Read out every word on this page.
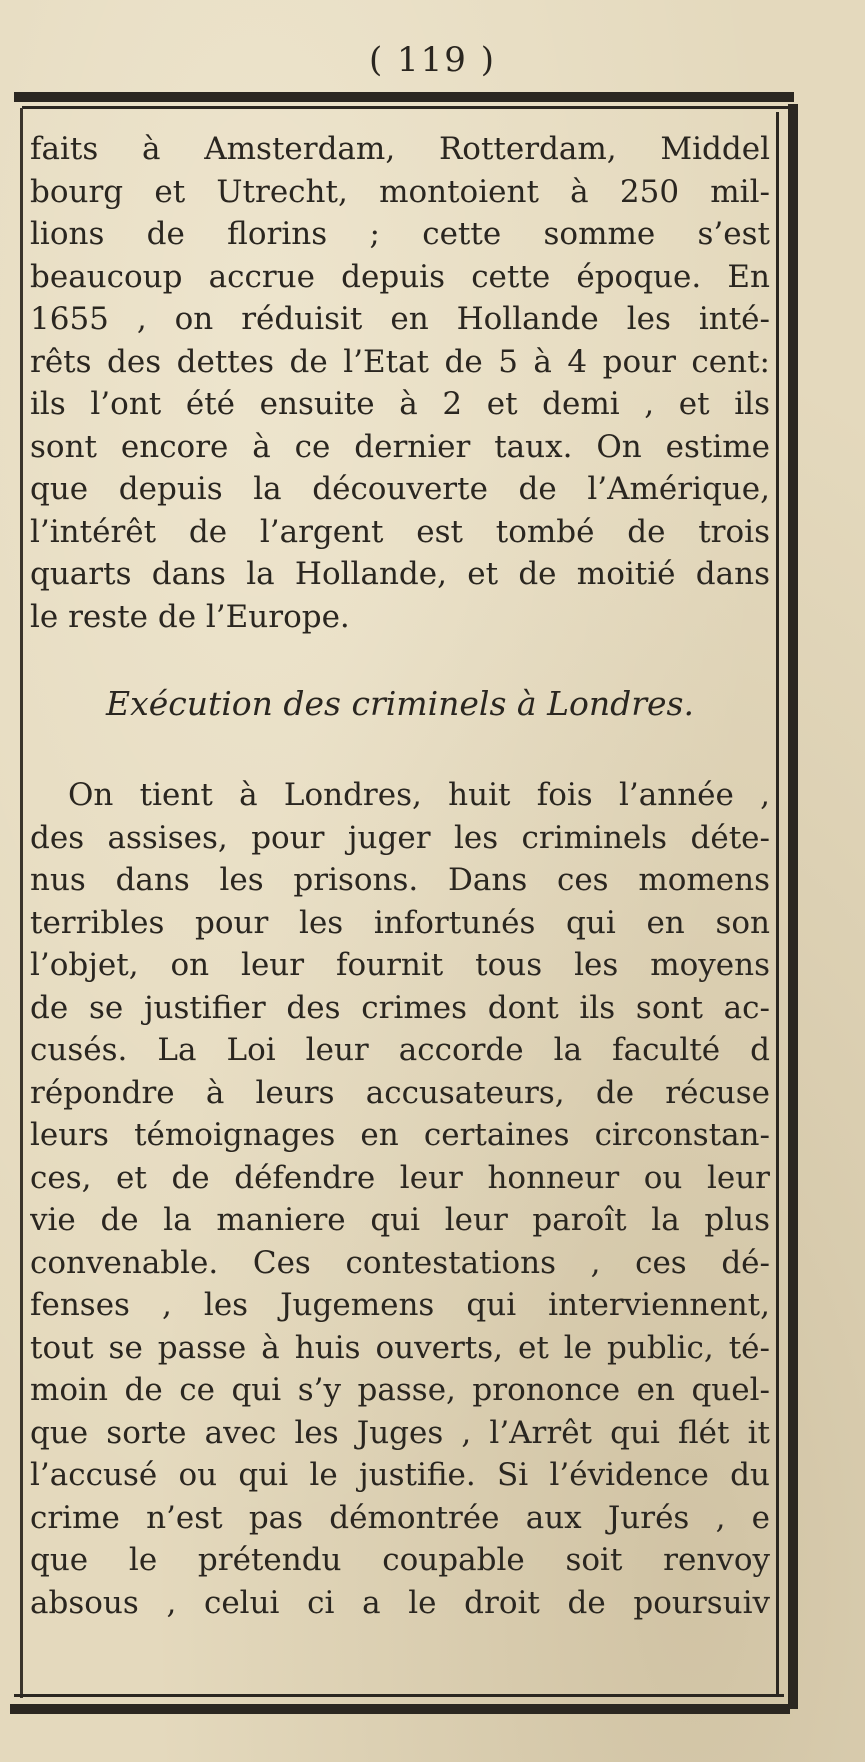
( 119 )
faits à Amsterdam, Rotterdam, Middel
bourg et Utrecht, montoient à 250 mil-
lions de florins ; cette somme s’est
beaucoup accrue depuis cette époque. En
1655 , on réduisit en Hollande les inté-
rêts des dettes de l’Etat de 5 à 4 pour cent:
ils l’ont été ensuite à 2 et demi , et ils
sont encore à ce dernier taux. On estime
que depuis la découverte de l’Amérique,
l’intérêt de l’argent est tombé de trois
quarts dans la Hollande, et de moitié dans
le reste de l’Europe.
Exécution des criminels à Londres.
On tient à Londres, huit fois l’année ,
des assises, pour juger les criminels déte-
nus dans les prisons. Dans ces momens
terribles pour les infortunés qui en son
l’objet, on leur fournit tous les moyens
de se justifier des crimes dont ils sont ac-
cusés. La Loi leur accorde la faculté d
répondre à leurs accusateurs, de récuse
leurs témoignages en certaines circonstan-
ces, et de défendre leur honneur ou leur
vie de la maniere qui leur paroît la plus
convenable. Ces contestations , ces dé-
fenses , les Jugemens qui interviennent,
tout se passe à huis ouverts, et le public, té-
moin de ce qui s’y passe, prononce en quel-
que sorte avec les Juges , l’Arrêt qui flét it
l’accusé ou qui le justifie. Si l’évidence du
crime n’est pas démontrée aux Jurés , e
que le prétendu coupable soit renvoy
absous , celui ci a le droit de poursuiv
